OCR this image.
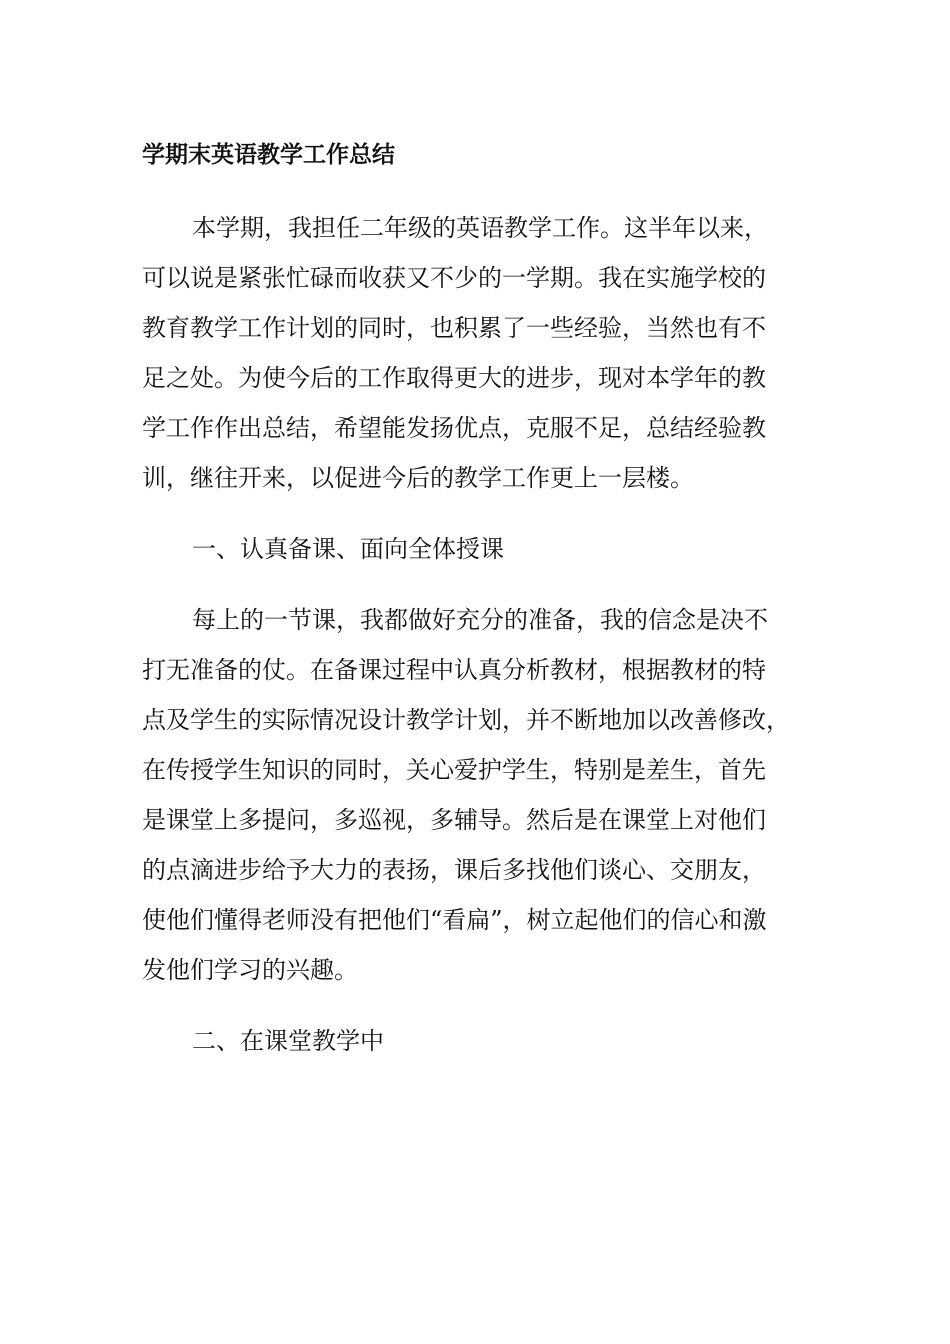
学期末英语教学工作总结
本学期，我担任二年级的英语教学工作。这半年以来，
可以说是紧张忙碌而收获又不少的一学期。我在实施学校的
教育教学工作计划的同时，也积累了一些经验，当然也有不
足之处。为使今后的工作取得更大的进步，现对本学年的教
学工作作出总结，希望能发扬优点，克服不足，总结经验教
训，继往开来，以促进今后的教学工作更上一层楼。
一、认真备课、面向全体授课
每上的一节课，我都做好充分的准备，我的信念是决不
打无准备的仗。在备课过程中认真分析教材，根据教材的特
点及学生的实际情况设计教学计划，并不断地加以改善修改，
在传授学生知识的同时，关心爱护学生，特别是差生，首先
是课堂上多提问，多巡视，多辅导。然后是在课堂上对他们
的点滴进步给予大力的表扬，课后多找他们谈心、交朋友，
使他们懂得老师没有把他们“看扁”，树立起他们的信心和激
发他们学习的兴趣。
二、在课堂教学中
